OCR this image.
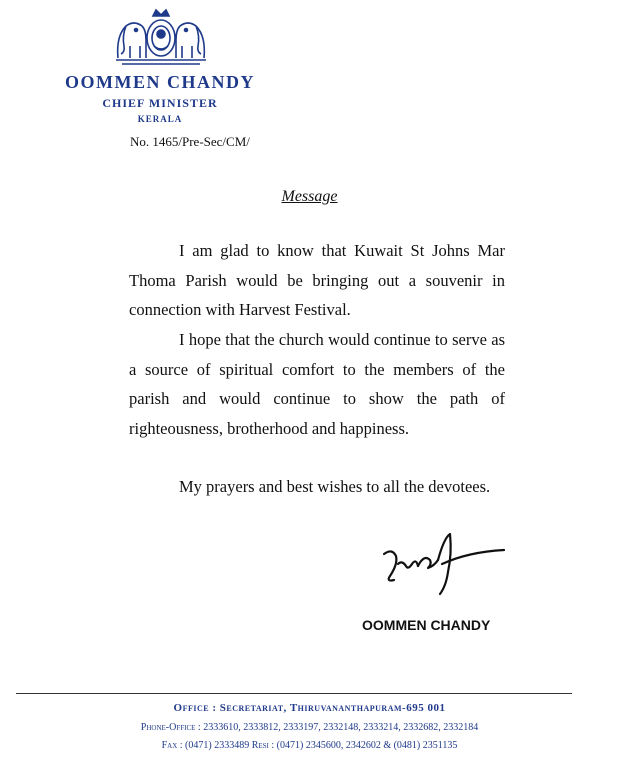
OOMMEN CHANDY
CHIEF MINISTER
KERALA
No. 1465/Pre-Sec/CM/
Message

I am glad to know that Kuwait St Johns Mar Thoma Parish would be bringing out a souvenir in connection with Harvest Festival.

I hope that the church would continue to serve as a source of spiritual comfort to the members of the parish and would continue to show the path of righteousness, brotherhood and happiness.

My prayers and best wishes to all the devotees.

OOMMEN CHANDY
Office : Secretariat, Thiruvananthapuram-695 001
Phone-Office : 2333610, 2333812, 2333197, 2332148, 2333214, 2332682, 2332184
Fax : (0471) 2333489 Resi : (0471) 2345600, 2342602 & (0481) 2351135
